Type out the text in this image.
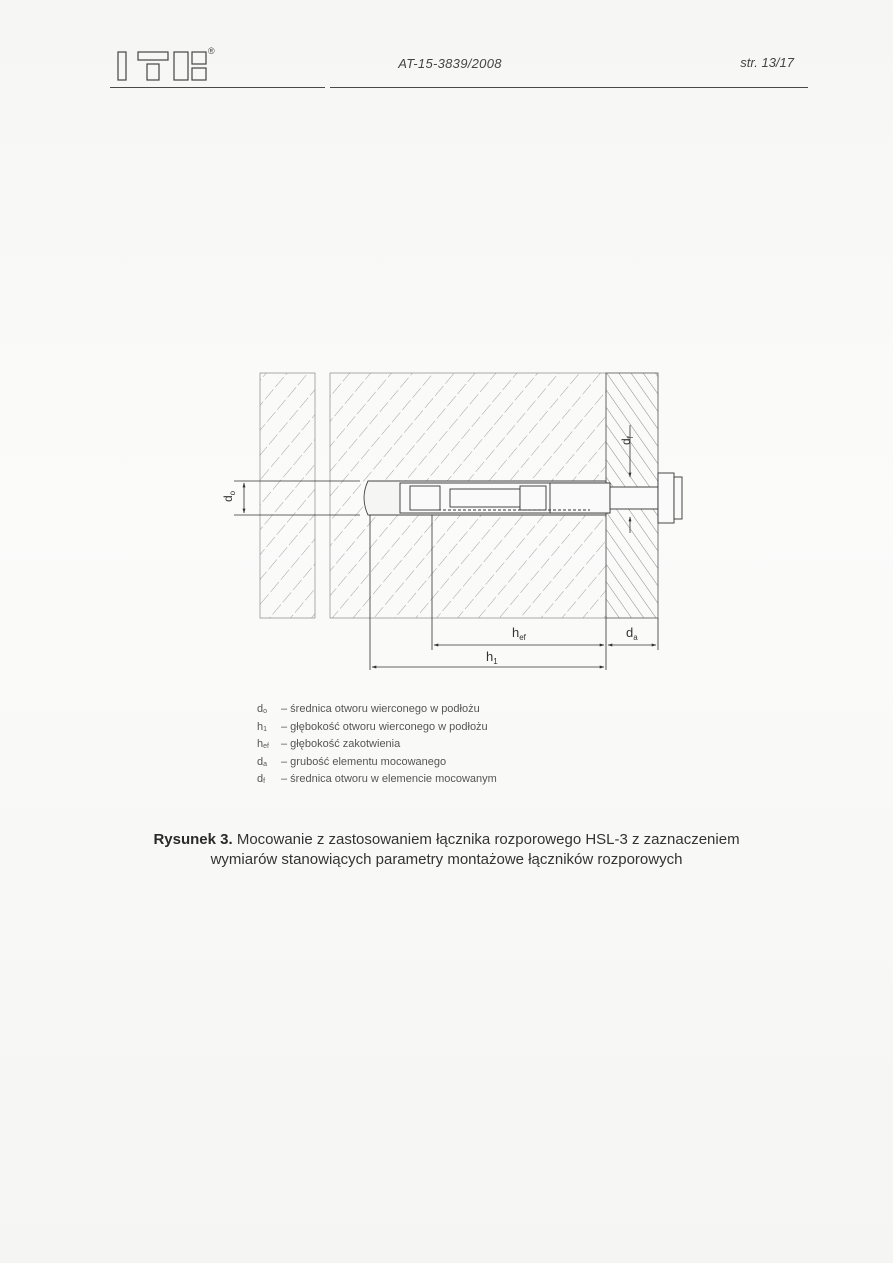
®
AT-15-3839/2008	str. 13/17
$d_o$
$d_f$
$h_{ef}$	$d_a$
$h_1$
do	– średnica otworu wierconego w podłożu
h1	– głębokość otworu wierconego w podłożu
hef	– głębokość zakotwienia
da	– grubość elementu mocowanego
df	– średnica otworu w elemencie mocowanym
Rysunek 3. Mocowanie z zastosowaniem łącznika rozporowego HSL-3 z zaznaczeniem
wymiarów stanowiących parametry montażowe łączników rozporowych
